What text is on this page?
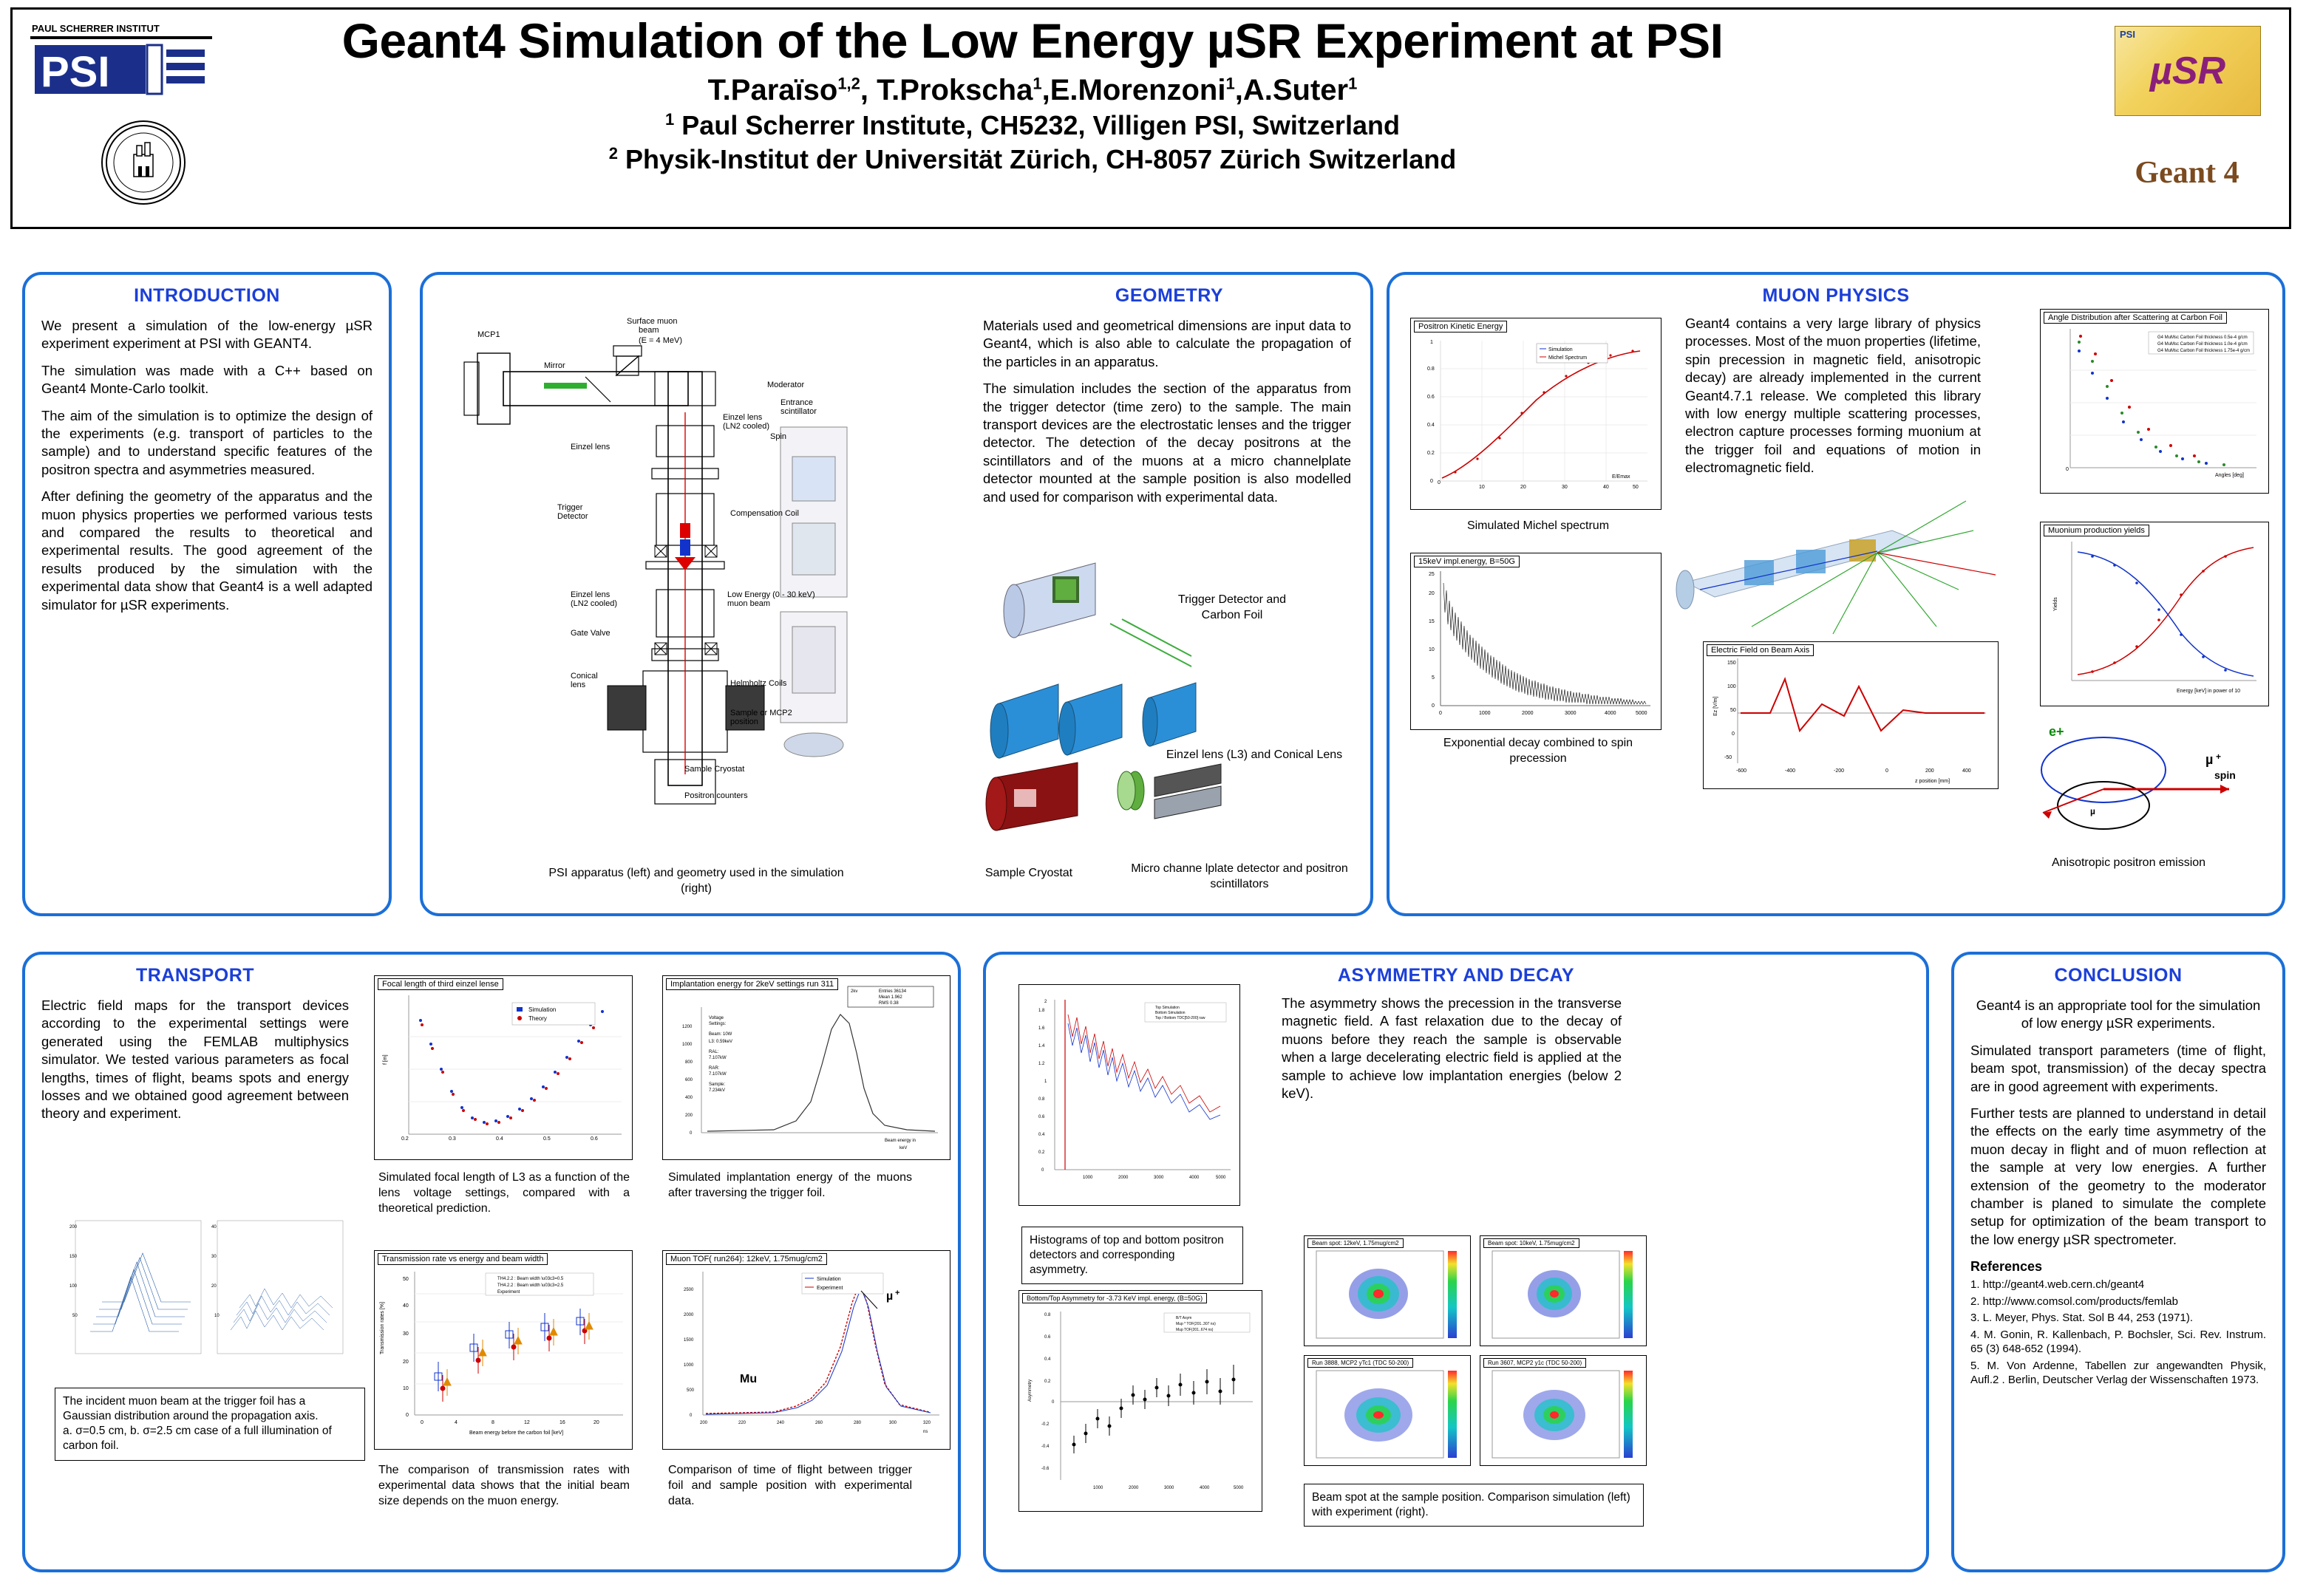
PAUL SCHERRER INSTITUT
PSI
Geant4 Simulation of the Low Energy µSR Experiment at PSI
T.Paraïso$^{1,2}$, T.Prokscha$^1$,E.Morenzoni$^1$,A.Suter$^1$
$^1$ Paul Scherrer Institute, CH5232, Villigen PSI, Switzerland
$^2$ Physik-Institut der Universität Zürich, CH-8057 Zürich Switzerland
PSI
µSR
Geant 4
INTRODUCTION
We present a simulation of the low-energy µSR experiment experiment at PSI with GEANT4.
The simulation was made with a C++ based on Geant4 Monte-Carlo toolkit.
The aim of the simulation is to optimize the design of the experiments (e.g. transport of particles to the sample) and to understand specific features of the positron spectra and asymmetries measured.
After defining the geometry of the apparatus and the muon physics properties we performed various tests and compared the results to theoretical and experimental results. The good agreement of the results produced by the simulation with the experimental data show that Geant4 is a well adapted simulator for µSR experiments.
GEOMETRY
Materials used and geometrical dimensions are input data to Geant4, which is also able to calculate the propagation of the particles in an apparatus.
The simulation includes the section of the apparatus from the trigger detector (time zero) to the sample. The main transport devices are the electrostatic lenses and the trigger detector. The detection of the decay positrons at the scintillators and of the muons at a micro channelplate detector mounted at the sample position is also modelled and used for comparison with experimental data.
MCP1
Mirror
Surface muon
beam
(E = 4 MeV)
Einzel lens
(LN2 cooled)
Moderator
Entrance
scintillator
Spin
Einzel lens
Trigger
Detector	Compensation Coil
Einzel lens
(LN2 cooled)
Low Energy (0 - 30 keV)
muon beam
Gate Valve
Conical
lens	Helmholtz Coils
Sample or MCP2
position
Sample Cryostat
Positron counters
PSI apparatus (left) and geometry used in the simulation (right)
Trigger Detector and Carbon Foil
Einzel lens (L3) and Conical Lens
Sample Cryostat	Micro channe lplate detector and positron scintillators
MUON PHYSICS
Geant4 contains a very large library of physics processes. Most of the muon properties (lifetime, spin precession in magnetic field, anisotropic decay) are already implemented in the current Geant4.7.1 release. We completed this library with low energy multiple scattering processes, electron capture processes forming muonium at the trigger foil and equations of motion in electromagnetic field.
Positron Kinetic Energy
Simulation
Michel Spectrum
0
10	20	30	40	50
0
0.2
0.4
0.6
0.8
1
E/Emax
Simulated Michel spectrum
Angle Distribution after Scattering at Carbon Foil
G4 MuMsc Carbon Foil thickness 0.5e-4 g/cm
G4 MuMsc Carbon Foil thickness 1.0e-4 g/cm
G4 MuMsc Carbon Foil thickness 1.75e-4 g/cm
Angles [deg]
0
Muonium production yields
Energy [keV] in power of 10
Yields
15keV impl.energy, B=50G
0
5
10
15
20
25
0	1000	2000	3000	4000	5000
Exponential decay combined to spin precession
Electric Field on Beam Axis
150
100
50
0
-50
-600	-400	-200	0	200	400
z position [mm]
Ez [V/m]
e+
µ +
spin
µ
Anisotropic positron emission
TRANSPORT
Electric field maps for the transport devices according to the experimental settings were generated using the FEMLAB multiphysics simulator. We tested various parameters as focal lengths, times of flight, beams spots and energy losses and we obtained good agreement between theory and experiment.
200
150
100
50
40
30
20
10
The incident muon beam at the trigger foil has a Gaussian distribution around the propagation axis.
a. σ=0.5 cm, b. σ=2.5 cm case of a full illumination of carbon foil.
Focal length of third einzel lense
Simulation
Theory
f [m]
0.2	0.3	0.4	0.5	0.6
Simulated focal length of L3 as a function of the lens voltage settings, compared with a theoretical prediction.
Implantation energy for 2keV settings run 311
2kv	Entries 36134
Mean 1.962
RMS 0.38
Voltage
Settings:
Beam: 10W
L3: 0.59keV
RAL:
7.107kW
RAR:
7.107kW
Sample:
7.234kV
0
200
400
600
800
1000
1200
Beam energy in
keV
Simulated implantation energy of the muons after traversing the trigger foil.
Transmission rate vs energy and beam width
TH4.2.2 : Beam width \u03c3=0.5
TH4.2.2 : Beam width \u03c3=2.5
Experiment
Transmission rates [%]
0
10
20
30
40
50
0	4	8	12	16	20
Beam energy before the carbon foil [keV]
The comparison of transmission rates with experimental data shows that the initial beam size depends on the muon energy.
Muon TOF( run264): 12keV, 1.75mug/cm2
Simulation
Experiment
µ +
Mu
0
500
1000
1500
2000
2500
200	220	240	260	280	300	320
ns
Comparison of time of flight between trigger foil and sample position with experimental data.
ASYMMETRY AND DECAY
The asymmetry shows the precession in the transverse magnetic field. A fast relaxation due to the decay of muons before they reach the sample is observable when a large decelerating electric field is applied at the sample to achieve low implantation energies (below 2 keV).
Top Simulation
Bottom Simulation
Top / Bottom TDC[50-200] raw
0
0.2
0.4
0.6
0.8
1
1.2
1.4
1.6
1.8
2
1000	2000	3000	4000	5000
Histograms of top and bottom positron detectors and corresponding asymmetry.
Bottom/Top Asymmetry for -3.73 KeV impl. energy, (B=50G)
B/T Asym
Mup * TOF(201..307 ns)
Mup TOF(201..674 ns)
Asymmetry
0.8
0.6
0.4
0.2
0
-0.2
-0.4
-0.6
1000	2000	3000	4000	5000
Beam spot: 12keV, 1.75mug/cm2	Beam spot: 10keV, 1.75mug/cm2
Run 3888, MCP2 yTc1 (TDC 50-200)	Run 3607, MCP2 y1c (TDC 50-200)
Beam spot at the sample position. Comparison simulation (left) with experiment (right).
CONCLUSION
Geant4 is an appropriate tool for the simulation of low energy µSR experiments.
Simulated transport parameters (time of flight, beam spot, transmission) of the decay spectra are in good agreement with experiments.
Further tests are planned to understand in detail the effects on the early time asymmetry of the muon decay in flight and of muon reflection at the sample at very low energies. A further extension of the geometry to the moderator chamber is planed to simulate the complete setup for optimization of the beam transport to the low energy µSR spectrometer.
References
1. http://geant4.web.cern.ch/geant4
2. http://www.comsol.com/products/femlab
3. L. Meyer, Phys. Stat. Sol B 44, 253 (1971).
4. M. Gonin, R. Kallenbach, P. Bochsler, Sci. Rev. Instrum. 65 (3) 648-652 (1994).
5. M. Von Ardenne, Tabellen zur angewandten Physik, Aufl.2 . Berlin, Deutscher Verlag der Wissenschaften 1973.
